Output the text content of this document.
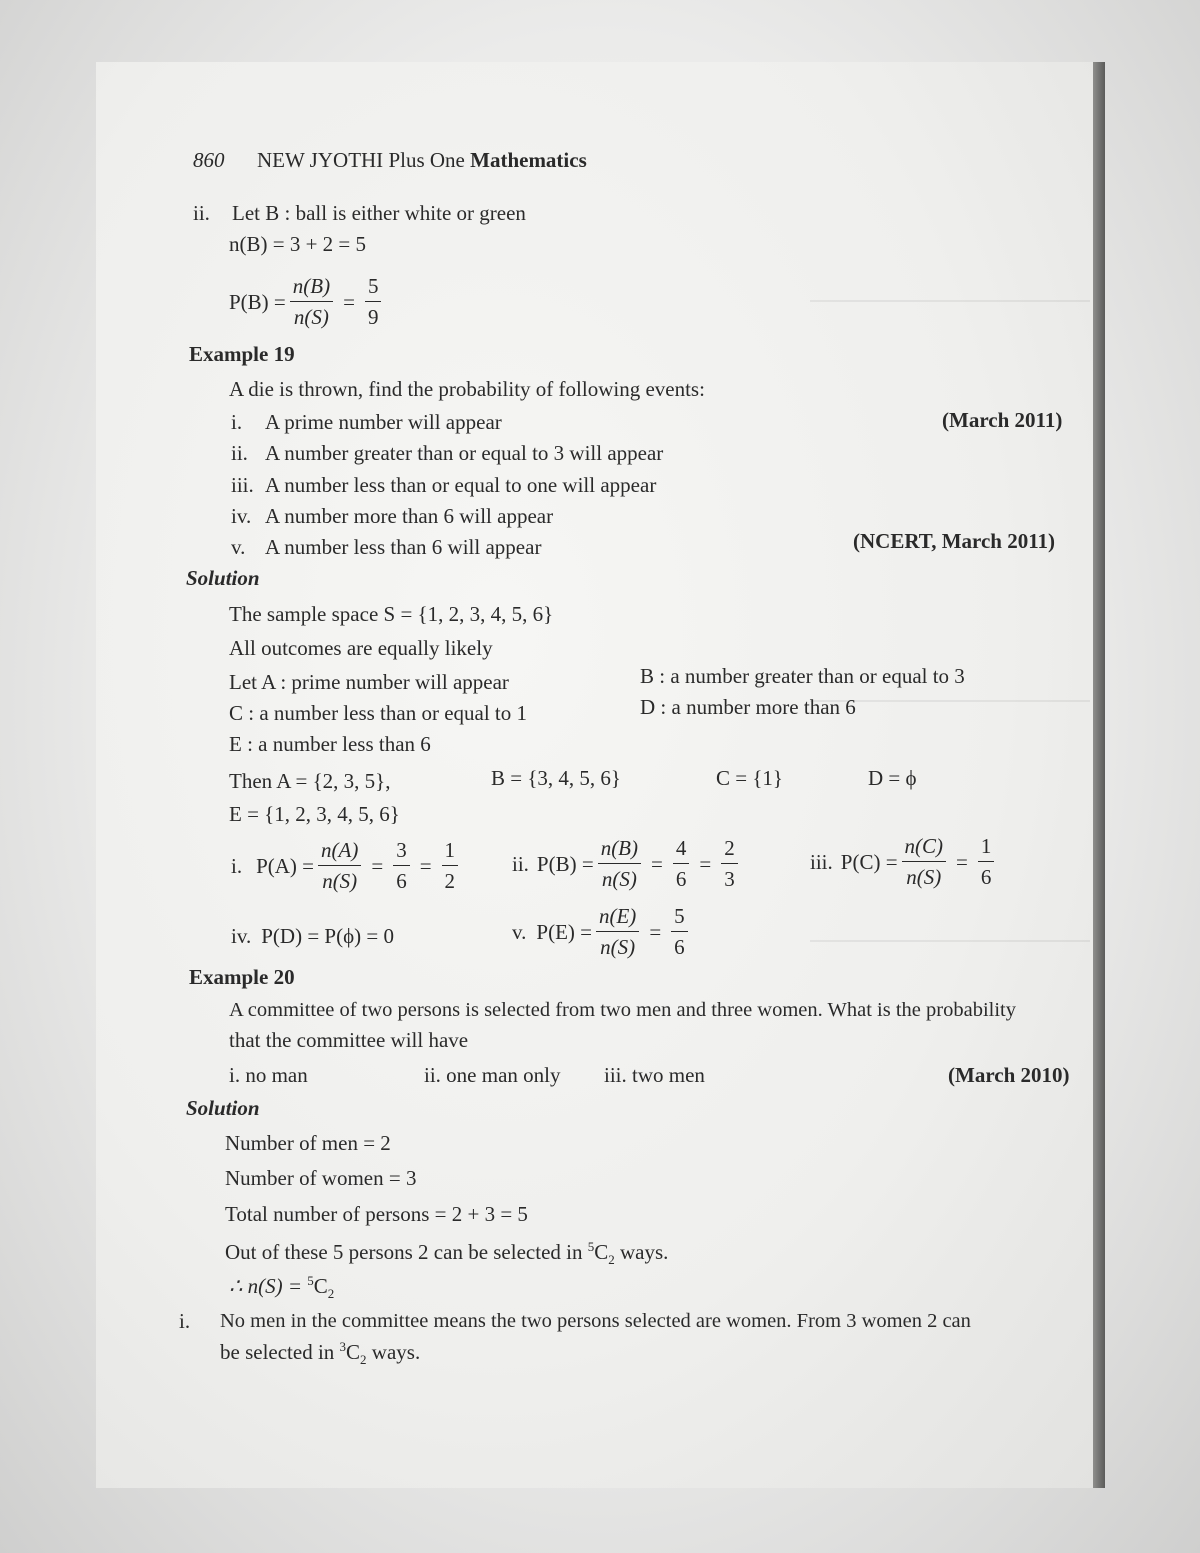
860 NEW JYOTHI Plus One Mathematics
ii. Let B : ball is either white or green
n(B) = 3 + 2 = 5
$P(B) = \frac{n(B)}{n(S)} = \frac{5}{9}$
Example 19
A die is thrown, find the probability of following events:
i. A prime number will appear	(March 2011)
ii. A number greater than or equal to 3 will appear
iii. A number less than or equal to one will appear
iv. A number more than 6 will appear
v. A number less than 6 will appear	(NCERT, March 2011)
Solution
The sample space S = {1, 2, 3, 4, 5, 6}
All outcomes are equally likely
Let A : prime number will appear	B : a number greater than or equal to 3
C : a number less than or equal to 1	D : a number more than 6
E : a number less than 6
Then A = {2, 3, 5},	B = {3, 4, 5, 6}	C = {1}	D = ϕ
E = {1, 2, 3, 4, 5, 6}
i. $P(A) = \frac{n(A)}{n(S)} = \frac{3}{6} = \frac{1}{2}$	ii. $P(B) = \frac{n(B)}{n(S)} = \frac{4}{6} = \frac{2}{3}$	iii. $P(C) = \frac{n(C)}{n(S)} = \frac{1}{6}$
iv. P(D) = P(ϕ) = 0	v. $P(E) = \frac{n(E)}{n(S)} = \frac{5}{6}$
Example 20
A committee of two persons is selected from two men and three women. What is the probability
that the committee will have
i. no man	ii. one man only iii. two men	(March 2010)
Solution
Number of men = 2
Number of women = 3
Total number of persons = 2 + 3 = 5
Out of these 5 persons 2 can be selected in $^5C_2$ ways.
∴ $n(S) = ^5C_2$
i. No men in the committee means the two persons selected are women. From 3 women 2 can
be selected in $^3C_2$ ways.
